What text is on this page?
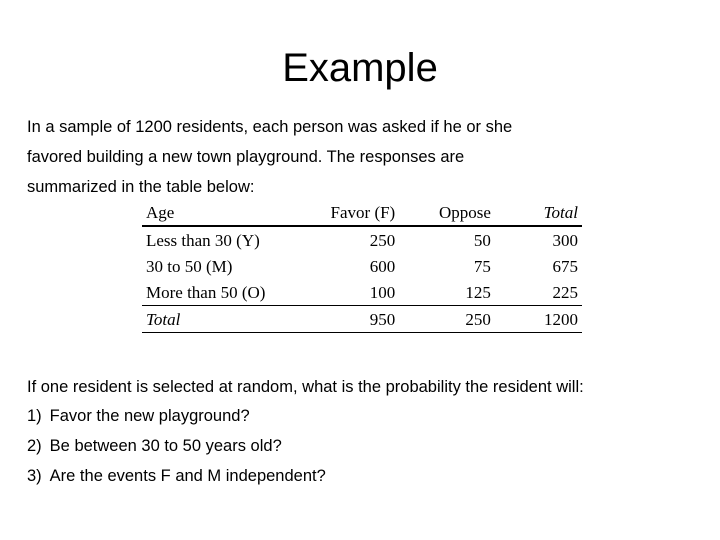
Example
In a sample of 1200 residents, each person was asked if he or she
favored building a new town playground. The responses are
summarized in the table below:
Age	Favor (F)	Oppose	Total
Less than 30 (Y)	250	50	300
30 to 50 (M)	600	75	675
More than 50 (O)	100	125	225
Total	950	250	1200

If one resident is selected at random, what is the probability the resident will:

1) Favor the new playground?
2) Be between 30 to 50 years old?
3) Are the events F and M independent?
